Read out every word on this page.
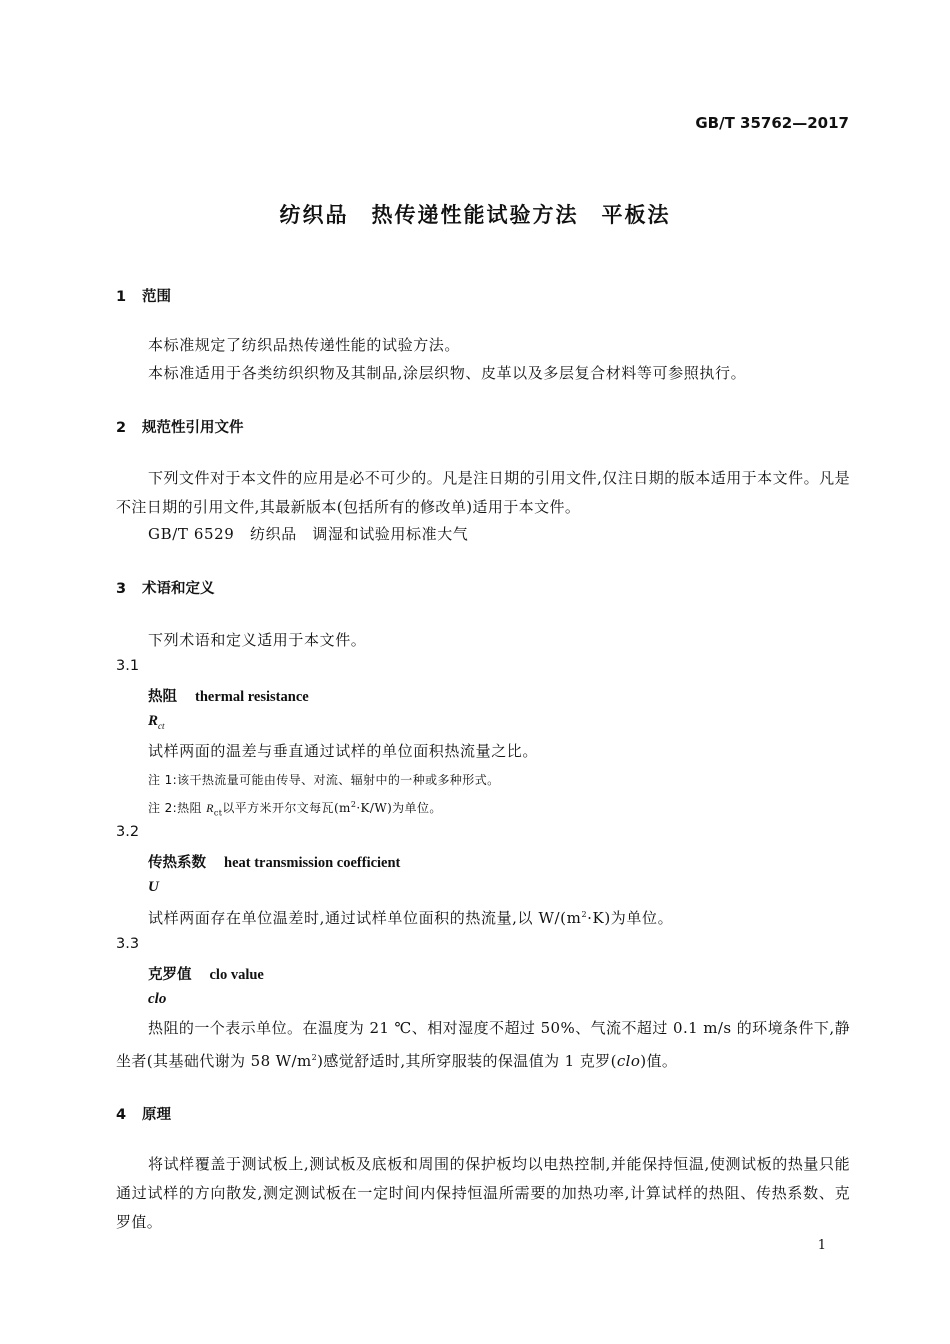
GB/T 35762—2017
纺织品　热传递性能试验方法　平板法
1 范围
本标准规定了纺织品热传递性能的试验方法。
本标准适用于各类纺织织物及其制品,涂层织物、皮革以及多层复合材料等可参照执行。
2 规范性引用文件
下列文件对于本文件的应用是必不可少的。凡是注日期的引用文件,仅注日期的版本适用于本文件。凡是不注日期的引用文件,其最新版本(包括所有的修改单)适用于本文件。
GB/T 6529　纺织品　调湿和试验用标准大气
3 术语和定义
下列术语和定义适用于本文件。
3.1
热阻 thermal resistance
$R_{ct}$
试样两面的温差与垂直通过试样的单位面积热流量之比。
注 1:该干热流量可能由传导、对流、辐射中的一种或多种形式。
注 2:热阻 $R_{ct}$以平方米开尔文每瓦$(m^2\cdot K/W)$为单位。
3.2
传热系数 heat transmission coefficient
U
试样两面存在单位温差时,通过试样单位面积的热流量,以 $W/(m^2\cdot K)$为单位。
3.3
克罗值 clo value
clo
热阻的一个表示单位。在温度为 21 ℃、相对湿度不超过 50%、气流不超过 0.1 m/s 的环境条件下,静坐者(其基础代谢为 58 $W/m^2$)感觉舒适时,其所穿服装的保温值为 1 克罗(clo)值。
4 原理
将试样覆盖于测试板上,测试板及底板和周围的保护板均以电热控制,并能保持恒温,使测试板的热量只能通过试样的方向散发,测定测试板在一定时间内保持恒温所需要的加热功率,计算试样的热阻、传热系数、克罗值。
1
